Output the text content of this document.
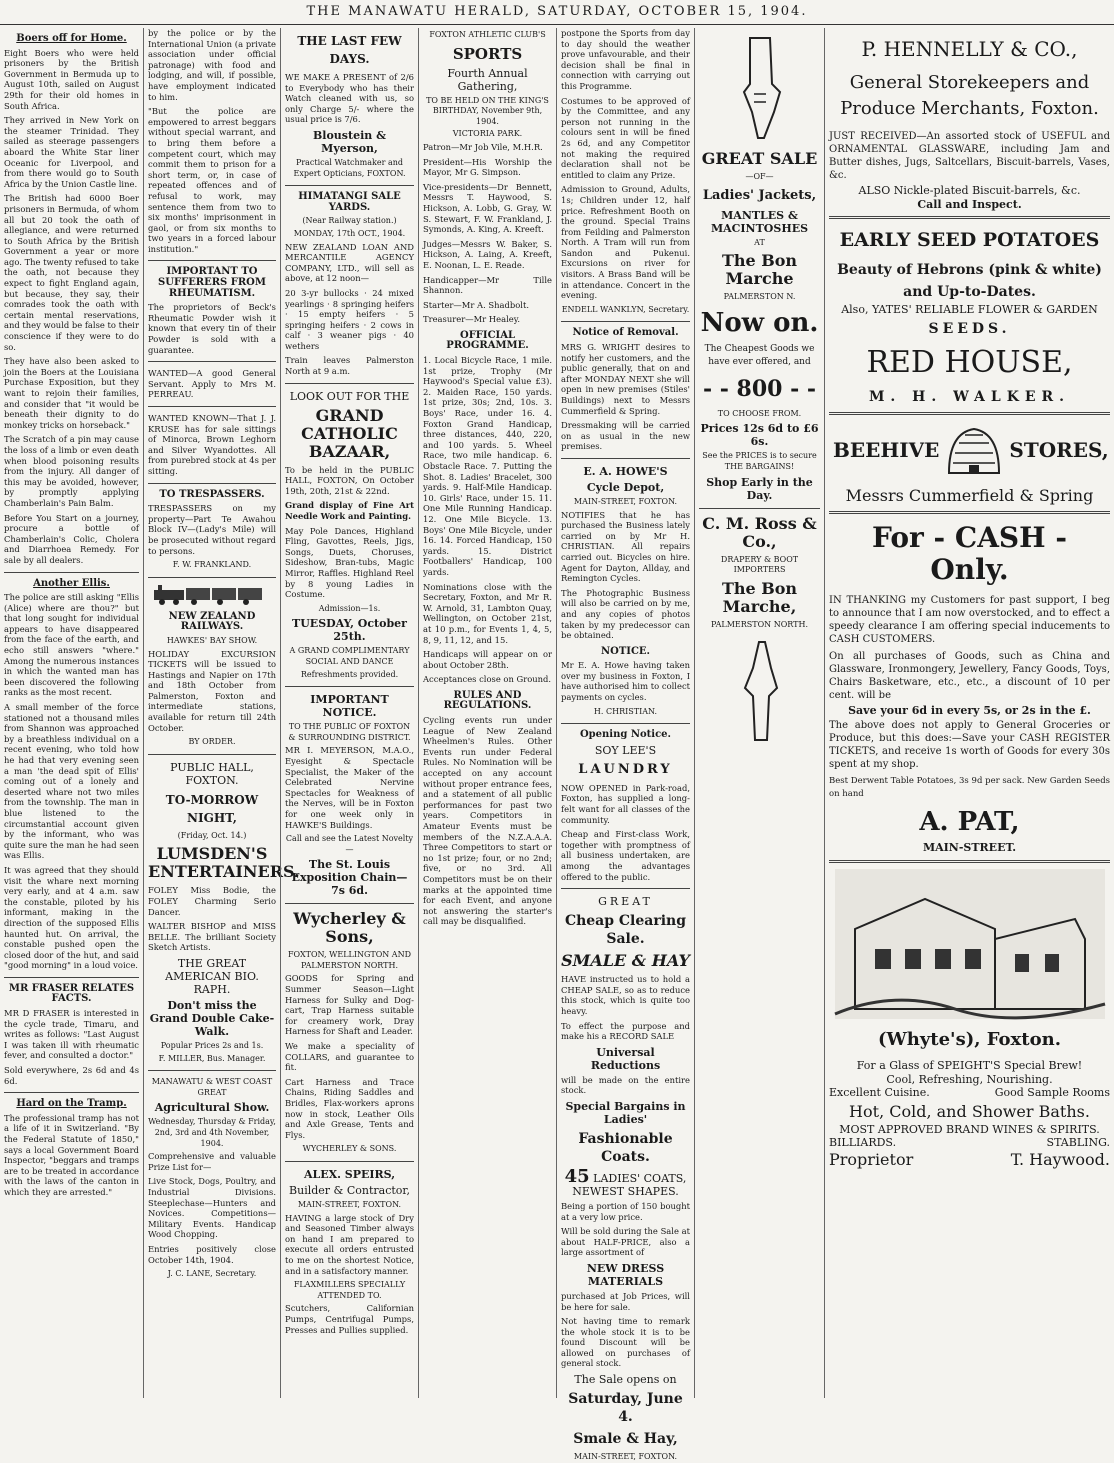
THE MANAWATU HERALD, SATURDAY, OCTOBER 15, 1904.
Boers off for Home.

Eight Boers who were held prisoners by the British Government in Bermuda up to August 10th, sailed on August 29th for their old homes in South Africa.

They arrived in New York on the steamer Trinidad. They sailed as steerage passengers aboard the White Star liner Oceanic for Liverpool, and from there would go to South Africa by the Union Castle line.

The British had 6000 Boer prisoners in Bermuda, of whom all but 20 took the oath of allegiance, and were returned to South Africa by the British Government a year or more ago. The twenty refused to take the oath, not because they expect to fight England again, but because, they say, their comrades took the oath with certain mental reservations, and they would be false to their conscience if they were to do so.

They have also been asked to join the Boers at the Louisiana Purchase Exposition, but they want to rejoin their families, and consider that "it would be beneath their dignity to do monkey tricks on horseback."

The Scratch of a pin may cause the loss of a limb or even death when blood poisoning results from the injury. All danger of this may be avoided, however, by promptly applying Chamberlain's Pain Balm.

Before You Start on a journey, procure a bottle of Chamberlain's Colic, Cholera and Diarrhoea Remedy. For sale by all dealers.

Another Ellis.

The police are still asking "Ellis (Alice) where are thou?" but that long sought for individual appears to have disappeared from the face of the earth, and echo still answers "where." Among the numerous instances in which the wanted man has been discovered the following ranks as the most recent.

A small member of the force stationed not a thousand miles from Shannon was approached by a breathless individual on a recent evening, who told how he had that very evening seen a man 'the dead spit of Ellis' coming out of a lonely and deserted whare not two miles from the township. The man in blue listened to the circumstantial account given by the informant, who was quite sure the man he had seen was Ellis.

It was agreed that they should visit the whare next morning very early, and at 4 a.m. saw the constable, piloted by his informant, making in the direction of the supposed Ellis haunted hut. On arrival, the constable pushed open the closed door of the hut, and said "good morning" in a loud voice.

MR FRASER RELATES FACTS.

MR D FRASER is interested in the cycle trade, Timaru, and writes as follows: "Last August I was taken ill with rheumatic fever, and consulted a doctor."

Sold everywhere, 2s 6d and 4s 6d.

Hard on the Tramp.

The professional tramp has not a life of it in Switzerland. "By the Federal Statute of 1850," says a local Government Board Inspector, "beggars and tramps are to be treated in accordance with the laws of the canton in which they are arrested."

by the police or by the International Union (a private association under official patronage) with food and lodging, and will, if possible, have employment indicated to him.

"But the police are empowered to arrest beggars without special warrant, and to bring them before a competent court, which may commit them to prison for a short term, or, in case of repeated offences and of refusal to work, may sentence them from two to six months' imprisonment in gaol, or from six months to two years in a forced labour institution."

IMPORTANT TO SUFFERERS FROM RHEUMATISM.

The proprietors of Beck's Rheumatic Powder wish it known that every tin of their Powder is sold with a guarantee.

WANTED—A good General Servant. Apply to Mrs M. PERREAU.

WANTED KNOWN—That J. J. KRUSE has for sale sittings of Minorca, Brown Leghorn and Silver Wyandottes. All from purebred stock at 4s per sitting.

TO TRESPASSERS.

TRESPASSERS on my property—Part Te Awahou Block IV—(Lady's Mile) will be prosecuted without regard to persons.

F. W. FRANKLAND.
NEW ZEALAND RAILWAYS.
HAWKES' BAY SHOW.

HOLIDAY EXCURSION TICKETS will be issued to Hastings and Napier on 17th and 18th October from Palmerston, Foxton and intermediate stations, available for return till 24th October.

BY ORDER.
PUBLIC HALL, FOXTON.
TO-MORROW NIGHT,
(Friday, Oct. 14.)
LUMSDEN'S ENTERTAINERS.

FOLEY Miss Bodie, the FOLEY Charming Serio Dancer.

WALTER BISHOP and MISS BELLE. The brilliant Society Sketch Artists.

THE GREAT AMERICAN BIO. RAPH.
Don't miss the Grand Double Cake-Walk.
Popular Prices 2s and 1s.
F. MILLER, Bus. Manager.
MANAWATU & WEST COAST GREAT
Agricultural Show.
Wednesday, Thursday & Friday, 2nd, 3rd and 4th November, 1904.

Comprehensive and valuable Prize List for—

Live Stock, Dogs, Poultry, and Industrial Divisions. Steeplechase—Hunters and Novices. Competitions—Military Events. Handicap Wood Chopping.

Entries positively close October 14th, 1904.

J. C. LANE, Secretary.
THE LAST FEW DAYS.

WE MAKE A PRESENT of 2/6 to Everybody who has their Watch cleaned with us, so only Charge 5/- where the usual price is 7/6.

Bloustein & Myerson,
Practical Watchmaker and Expert Opticians, FOXTON.
HIMATANGI SALE YARDS.
(Near Railway station.)
MONDAY, 17th OCT., 1904.

NEW ZEALAND LOAN AND MERCANTILE AGENCY COMPANY, LTD., will sell as above, at 12 noon—

20 3-yr bullocks · 24 mixed yearlings · 8 springing heifers · 15 empty heifers · 5 springing heifers · 2 cows in calf · 3 weaner pigs · 40 wethers

Train leaves Palmerston North at 9 a.m.

LOOK OUT FOR THE
GRAND CATHOLIC BAZAAR,

To be held in the PUBLIC HALL, FOXTON, On October 19th, 20th, 21st & 22nd.

Grand display of Fine Art Needle Work and Painting.

May Pole Dances, Highland Fling, Gavottes, Reels, Jigs, Songs, Duets, Choruses, Sideshow, Bran-tubs, Magic Mirror, Raffles. Highland Reel by 8 young Ladies in Costume.

Admission—1s.
TUESDAY, October 25th.
A GRAND COMPLIMENTARY SOCIAL AND DANCE
Refreshments provided.
IMPORTANT NOTICE.
TO THE PUBLIC OF FOXTON & SURROUNDING DISTRICT.

MR I. MEYERSON, M.A.O., Eyesight & Spectacle Specialist, the Maker of the Celebrated Nervine Spectacles for Weakness of the Nerves, will be in Foxton for one week only in HAWKE'S Buildings.

Call and see the Latest Novelty—
The St. Louis Exposition Chain—7s 6d.
Wycherley & Sons,
FOXTON, WELLINGTON AND PALMERSTON NORTH.

GOODS for Spring and Summer Season—Light Harness for Sulky and Dog-cart, Trap Harness suitable for creamery work, Dray Harness for Shaft and Leader.

We make a speciality of COLLARS, and guarantee to fit.

Cart Harness and Trace Chains, Riding Saddles and Bridles, Flax-workers aprons now in stock, Leather Oils and Axle Grease, Tents and Flys.

WYCHERLEY & SONS.
ALEX. SPEIRS,
Builder & Contractor,
MAIN-STREET, FOXTON.

HAVING a large stock of Dry and Seasoned Timber always on hand I am prepared to execute all orders entrusted to me on the shortest Notice, and in a satisfactory manner.

FLAXMILLERS SPECIALLY ATTENDED TO.

Scutchers, Californian Pumps, Centrifugal Pumps, Presses and Pullies supplied.

FOXTON ATHLETIC CLUB'S
SPORTS
Fourth Annual Gathering,
TO BE HELD ON THE KING'S BIRTHDAY, November 9th, 1904.
VICTORIA PARK.

Patron—Mr Job Vile, M.H.R.

President—His Worship the Mayor, Mr G. Simpson.

Vice-presidents—Dr Bennett, Messrs T. Haywood, S. Hickson, A. Lobb, G. Gray, W. S. Stewart, F. W. Frankland, J. Symonds, A. King, A. Kreeft.

Judges—Messrs W. Baker, S. Hickson, A. Laing, A. Kreeft, E. Noonan, L. E. Reade.

Handicapper—Mr Tille Shannon.

Starter—Mr A. Shadbolt.

Treasurer—Mr Healey.

OFFICIAL PROGRAMME.

1. Local Bicycle Race, 1 mile. 1st prize, Trophy (Mr Haywood's Special value £3). 2. Maiden Race, 150 yards. 1st prize, 30s; 2nd, 10s. 3. Boys' Race, under 16. 4. Foxton Grand Handicap, three distances, 440, 220, and 100 yards. 5. Wheel Race, two mile handicap. 6. Obstacle Race. 7. Putting the Shot. 8. Ladies' Bracelet, 300 yards. 9. Half-Mile Handicap. 10. Girls' Race, under 15. 11. One Mile Running Handicap. 12. One Mile Bicycle. 13. Boys' One Mile Bicycle, under 16. 14. Forced Handicap, 150 yards. 15. District Footballers' Handicap, 100 yards.

Nominations close with the Secretary, Foxton, and Mr R. W. Arnold, 31, Lambton Quay, Wellington, on October 21st, at 10 p.m., for Events 1, 4, 5, 8, 9, 11, 12, and 15.

Handicaps will appear on or about October 28th.

Acceptances close on Ground.

RULES AND REGULATIONS.

Cycling events run under League of New Zealand Wheelmen's Rules. Other Events run under Federal Rules. No Nomination will be accepted on any account without proper entrance fees, and a statement of all public performances for past two years. Competitors in Amateur Events must be members of the N.Z.A.A.A. Three Competitors to start or no 1st prize; four, or no 2nd; five, or no 3rd. All Competitors must be on their marks at the appointed time for each Event, and anyone not answering the starter's call may be disqualified.

postpone the Sports from day to day should the weather prove unfavourable, and their decision shall be final in connection with carrying out this Programme.

Costumes to be approved of by the Committee, and any person not running in the colours sent in will be fined 2s 6d, and any Competitor not making the required declaration shall not be entitled to claim any Prize.

Admission to Ground, Adults, 1s; Children under 12, half price. Refreshment Booth on the ground. Special Trains from Feilding and Palmerston North. A Tram will run from Sandon and Pukenui. Excursions on river for visitors. A Brass Band will be in attendance. Concert in the evening.

ENDELL WANKLYN, Secretary.
Notice of Removal.

MRS G. WRIGHT desires to notify her customers, and the public generally, that on and after MONDAY NEXT she will open in new premises (Stiles' Buildings) next to Messrs Cummerfield & Spring.

Dressmaking will be carried on as usual in the new premises.

E. A. HOWE'S
Cycle Depot,
MAIN-STREET, FOXTON.

NOTIFIES that he has purchased the Business lately carried on by Mr H. CHRISTIAN. All repairs carried out. Bicycles on hire. Agent for Dayton, Allday, and Remington Cycles.

The Photographic Business will also be carried on by me, and any copies of photos taken by my predecessor can be obtained.

NOTICE.

Mr E. A. Howe having taken over my business in Foxton, I have authorised him to collect payments on cycles.

H. CHRISTIAN.
Opening Notice.
SOY LEE'S
LAUNDRY

NOW OPENED in Park-road, Foxton, has supplied a long-felt want for all classes of the community.

Cheap and First-class Work, together with promptness of all business undertaken, are among the advantages offered to the public.

GREAT
Cheap Clearing Sale.
SMALE & HAY

HAVE instructed us to hold a CHEAP SALE, so as to reduce this stock, which is quite too heavy.

To effect the purpose and make his a RECORD SALE

Universal Reductions

will be made on the entire stock.

Special Bargains in Ladies'
Fashionable Coats.
45 LADIES' COATS, NEWEST SHAPES.

Being a portion of 150 bought at a very low price.

Will be sold during the Sale at about HALF-PRICE, also a large assortment of

NEW DRESS MATERIALS

purchased at Job Prices, will be here for sale.

Not having time to remark the whole stock it is to be found Discount will be allowed on purchases of general stock.

The Sale opens on
Saturday, June 4.
Smale & Hay,
MAIN-STREET, FOXTON.
GREAT SALE
—OF—
Ladies' Jackets,
MANTLES & MACINTOSHES
AT
The Bon Marche
PALMERSTON N.
Now on.
The Cheapest Goods we have ever offered, and
- - 800 - -
TO CHOOSE FROM.
Prices 12s 6d to £6 6s.
See the PRICES is to secure THE BARGAINS!
Shop Early in the Day.
C. M. Ross & Co.,
DRAPERY & BOOT IMPORTERS
The Bon Marche,
PALMERSTON NORTH.
P. HENNELLY & CO.,
General Storekeepers and Produce Merchants, Foxton.

JUST RECEIVED—An assorted stock of USEFUL and ORNAMENTAL GLASSWARE, including Jam and Butter dishes, Jugs, Saltcellars, Biscuit-barrels, Vases, &c.

ALSO Nickle-plated Biscuit-barrels, &c.
Call and Inspect.
EARLY SEED POTATOES
Beauty of Hebrons (pink & white)
and Up-to-Dates.
Also, YATES' RELIABLE FLOWER & GARDEN
SEEDS.
RED HOUSE,
M. H. WALKER.
BEEHIVE	STORES,
Messrs Cummerfield & Spring
For - CASH - Only.

IN THANKING my Customers for past support, I beg to announce that I am now overstocked, and to effect a speedy clearance I am offering special inducements to CASH CUSTOMERS.

On all purchases of Goods, such as China and Glassware, Ironmongery, Jewellery, Fancy Goods, Toys, Chairs Basketware, etc., etc., a discount of 10 per cent. will be

Save your 6d in every 5s, or 2s in the £.

The above does not apply to General Groceries or Produce, but this does:—Save your CASH REGISTER TICKETS, and receive 1s worth of Goods for every 30s spent at my shop.

Best Derwent Table Potatoes, 3s 9d per sack. New Garden Seeds on hand

A. PAT,
MAIN-STREET.
(Whyte's), Foxton.
For a Glass of SPEIGHT'S Special Brew!
Cool, Refreshing, Nourishing.
Excellent Cuisine.	Good Sample Rooms
Hot, Cold, and Shower Baths.
MOST APPROVED BRAND WINES & SPIRITS.
BILLIARDS.	STABLING.
Proprietor	T. Haywood.
